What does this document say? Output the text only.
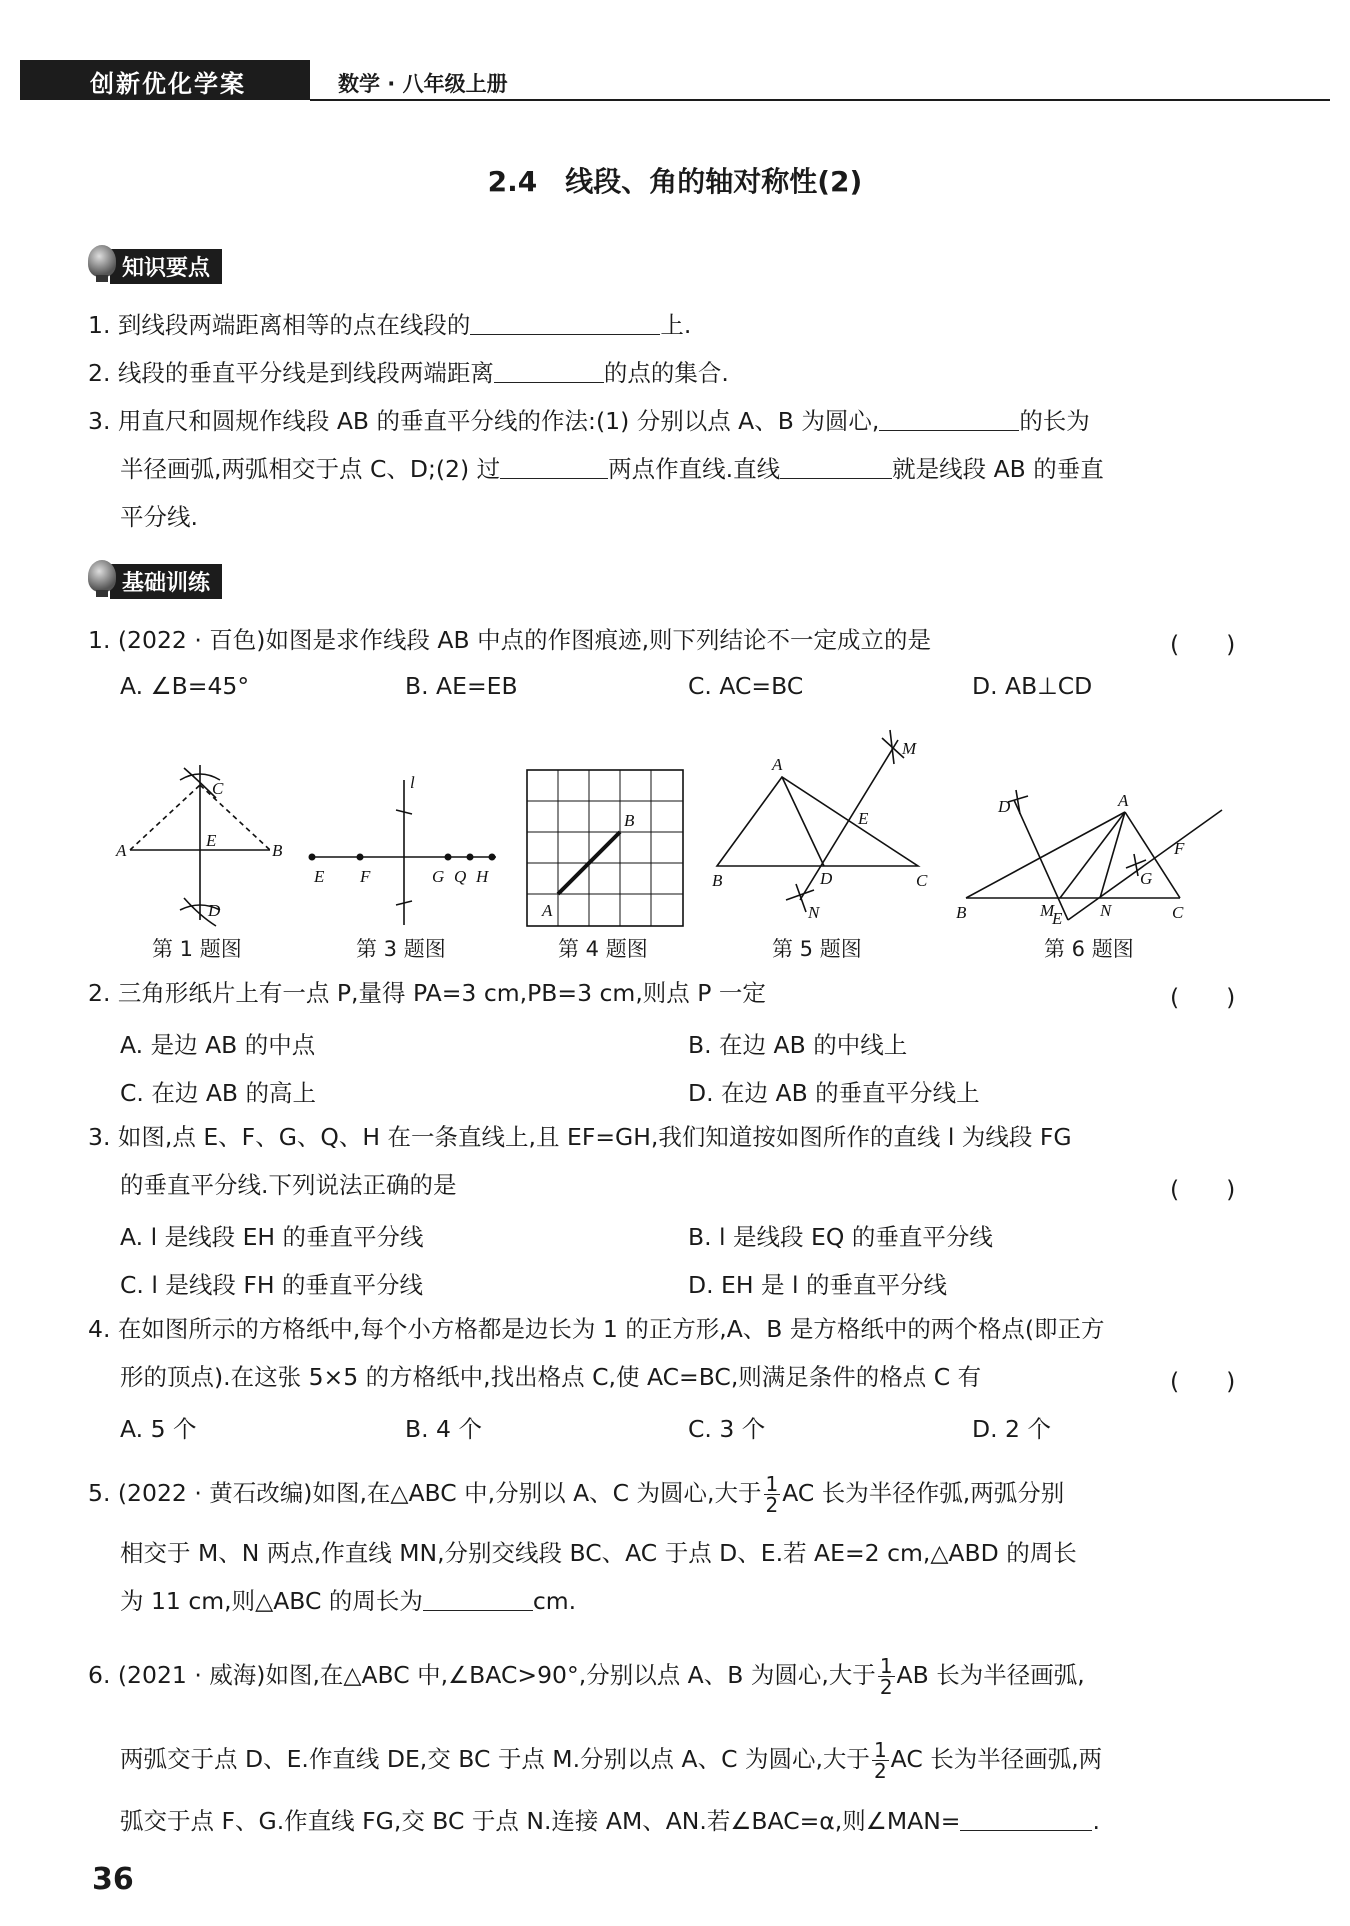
创新优化学案	数学 · 八年级上册
2.4　线段、角的轴对称性(2)
知识要点
1. 到线段两端距离相等的点在线段的	上.
2. 线段的垂直平分线是到线段两端距离	的点的集合.
3. 用直尺和圆规作线段 AB 的垂直平分线的作法:(1) 分别以点 A、B 为圆心,	的长为
半径画弧,两弧相交于点 C、D;(2) 过	两点作直线.直线	就是线段 AB 的垂直
平分线.
基础训练
1. (2022 · 百色)如图是求作线段 AB 中点的作图痕迹,则下列结论不一定成立的是	(　　)
A. ∠B=45°	B. AE=EB	C. AC=BC	D. AB⊥CD
A	B
C
D
E
E F	G Q H
l
A
B
A
B	C
D
E
M
N
A
B	C
D
E
F
G
M	N
第 1 题图	第 3 题图	第 4 题图	第 5 题图	第 6 题图
2. 三角形纸片上有一点 P,量得 PA=3 cm,PB=3 cm,则点 P 一定	(　　)
A. 是边 AB 的中点	B. 在边 AB 的中线上
C. 在边 AB 的高上	D. 在边 AB 的垂直平分线上
3. 如图,点 E、F、G、Q、H 在一条直线上,且 EF=GH,我们知道按如图所作的直线 l 为线段 FG
的垂直平分线.下列说法正确的是	(　　)
A. l 是线段 EH 的垂直平分线	B. l 是线段 EQ 的垂直平分线
C. l 是线段 FH 的垂直平分线	D. EH 是 l 的垂直平分线
4. 在如图所示的方格纸中,每个小方格都是边长为 1 的正方形,A、B 是方格纸中的两个格点(即正方
形的顶点).在这张 5×5 的方格纸中,找出格点 C,使 AC=BC,则满足条件的格点 C 有	(　　)
A. 5 个	B. 4 个	C. 3 个	D. 2 个
5. (2022 · 黄石改编)如图,在△ABC 中,分别以 A、C 为圆心,大于 $\frac{1}{2}$ AC 长为半径作弧,两弧分别
相交于 M、N 两点,作直线 MN,分别交线段 BC、AC 于点 D、E.若 AE=2 cm,△ABD 的周长
为 11 cm,则△ABC 的周长为	cm.
6. (2021 · 威海)如图,在△ABC 中,∠BAC>90°,分别以点 A、B 为圆心,大于 $\frac{1}{2}$ AB 长为半径画弧,
两弧交于点 D、E.作直线 DE,交 BC 于点 M.分别以点 A、C 为圆心,大于 $\frac{1}{2}$ AC 长为半径画弧,两
弧交于点 F、G.作直线 FG,交 BC 于点 N.连接 AM、AN.若∠BAC=α,则∠MAN=	.
36
